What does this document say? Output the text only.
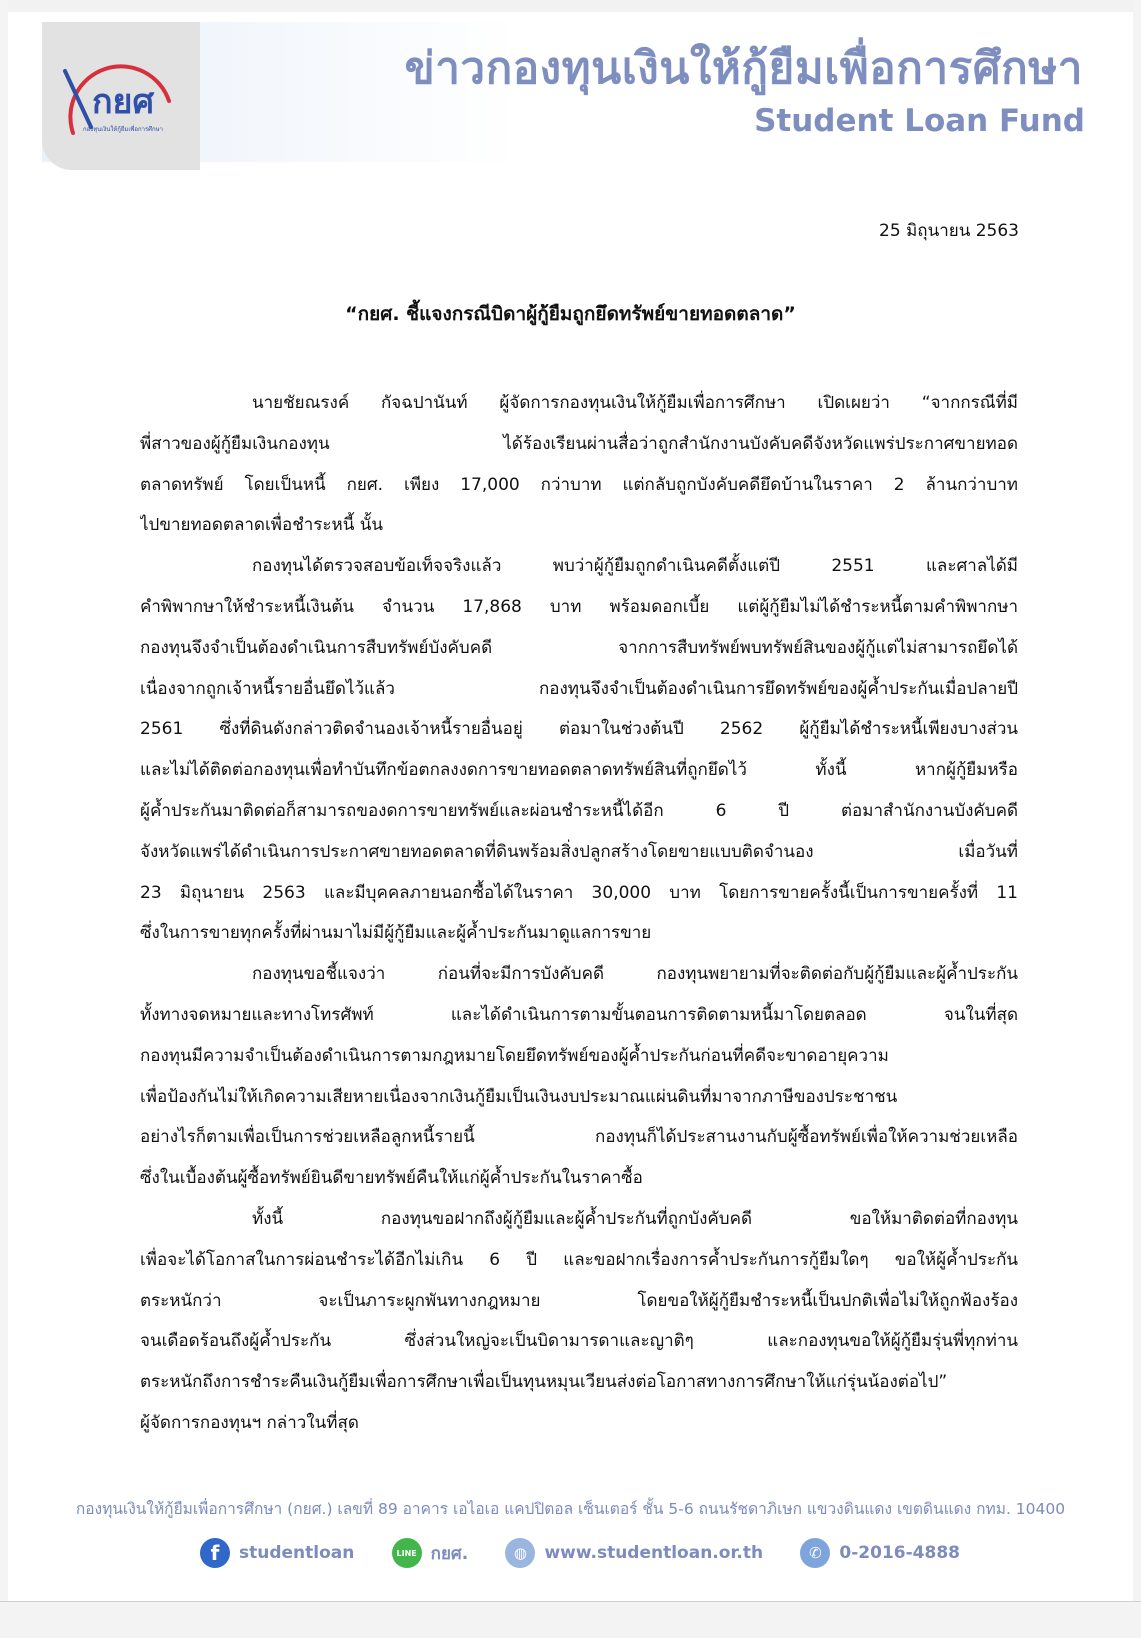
กยศ
กองทุนเงินให้กู้ยืมเพื่อการศึกษา
ข่าวกองทุนเงินให้กู้ยืมเพื่อการศึกษา
Student Loan Fund
25 มิถุนายน 2563
“กยศ. ชี้แจงกรณีบิดาผู้กู้ยืมถูกยึดทรัพย์ขายทอดตลาด”
นายชัยณรงค์ กัจฉปานันท์ ผู้จัดการกองทุนเงินให้กู้ยืมเพื่อการศึกษา เปิดเผยว่า “จากกรณีที่มี
พี่สาวของผู้กู้ยืมเงินกองทุน ได้ร้องเรียนผ่านสื่อว่าถูกสำนักงานบังคับคดีจังหวัดแพร่ประกาศขายทอด
ตลาดทรัพย์ โดยเป็นหนี้ กยศ. เพียง 17,000 กว่าบาท แต่กลับถูกบังคับคดียึดบ้านในราคา 2 ล้านกว่าบาท
ไปขายทอดตลาดเพื่อชำระหนี้ นั้น
กองทุนได้ตรวจสอบข้อเท็จจริงแล้ว พบว่าผู้กู้ยืมถูกดำเนินคดีตั้งแต่ปี 2551 และศาลได้มี
คำพิพากษาให้ชำระหนี้เงินต้น จำนวน 17,868 บาท พร้อมดอกเบี้ย แต่ผู้กู้ยืมไม่ได้ชำระหนี้ตามคำพิพากษา
กองทุนจึงจำเป็นต้องดำเนินการสืบทรัพย์บังคับคดี จากการสืบทรัพย์พบทรัพย์สินของผู้กู้แต่ไม่สามารถยึดได้
เนื่องจากถูกเจ้าหนี้รายอื่นยึดไว้แล้ว กองทุนจึงจำเป็นต้องดำเนินการยึดทรัพย์ของผู้ค้ำประกันเมื่อปลายปี
2561 ซึ่งที่ดินดังกล่าวติดจำนองเจ้าหนี้รายอื่นอยู่ ต่อมาในช่วงต้นปี 2562 ผู้กู้ยืมได้ชำระหนี้เพียงบางส่วน
และไม่ได้ติดต่อกองทุนเพื่อทำบันทึกข้อตกลงงดการขายทอดตลาดทรัพย์สินที่ถูกยึดไว้ ทั้งนี้ หากผู้กู้ยืมหรือ
ผู้ค้ำประกันมาติดต่อก็สามารถของดการขายทรัพย์และผ่อนชำระหนี้ได้อีก 6 ปี ต่อมาสำนักงานบังคับคดี
จังหวัดแพร่ได้ดำเนินการประกาศขายทอดตลาดที่ดินพร้อมสิ่งปลูกสร้างโดยขายแบบติดจำนอง เมื่อวันที่
23 มิถุนายน 2563 และมีบุคคลภายนอกซื้อได้ในราคา 30,000 บาท โดยการขายครั้งนี้เป็นการขายครั้งที่ 11
ซึ่งในการขายทุกครั้งที่ผ่านมาไม่มีผู้กู้ยืมและผู้ค้ำประกันมาดูแลการขาย
กองทุนขอชี้แจงว่า ก่อนที่จะมีการบังคับคดี กองทุนพยายามที่จะติดต่อกับผู้กู้ยืมและผู้ค้ำประกัน
ทั้งทางจดหมายและทางโทรศัพท์ และได้ดำเนินการตามขั้นตอนการติดตามหนี้มาโดยตลอด จนในที่สุด
กองทุนมีความจำเป็นต้องดำเนินการตามกฎหมายโดยยึดทรัพย์ของผู้ค้ำประกันก่อนที่คดีจะขาดอายุความ
เพื่อป้องกันไม่ให้เกิดความเสียหายเนื่องจากเงินกู้ยืมเป็นเงินงบประมาณแผ่นดินที่มาจากภาษีของประชาชน
อย่างไรก็ตามเพื่อเป็นการช่วยเหลือลูกหนี้รายนี้ กองทุนก็ได้ประสานงานกับผู้ซื้อทรัพย์เพื่อให้ความช่วยเหลือ
ซึ่งในเบื้องต้นผู้ซื้อทรัพย์ยินดีขายทรัพย์คืนให้แก่ผู้ค้ำประกันในราคาซื้อ
ทั้งนี้ กองทุนขอฝากถึงผู้กู้ยืมและผู้ค้ำประกันที่ถูกบังคับคดี ขอให้มาติดต่อที่กองทุน
เพื่อจะได้โอกาสในการผ่อนชำระได้อีกไม่เกิน 6 ปี และขอฝากเรื่องการค้ำประกันการกู้ยืมใดๆ ขอให้ผู้ค้ำประกัน
ตระหนักว่า จะเป็นภาระผูกพันทางกฎหมาย โดยขอให้ผู้กู้ยืมชำระหนี้เป็นปกติเพื่อไม่ให้ถูกฟ้องร้อง
จนเดือดร้อนถึงผู้ค้ำประกัน ซึ่งส่วนใหญ่จะเป็นบิดามารดาและญาติๆ และกองทุนขอให้ผู้กู้ยืมรุ่นพี่ทุกท่าน
ตระหนักถึงการชำระคืนเงินกู้ยืมเพื่อการศึกษาเพื่อเป็นทุนหมุนเวียนส่งต่อโอกาสทางการศึกษาให้แก่รุ่นน้องต่อไป”
ผู้จัดการกองทุนฯ กล่าวในที่สุด
กองทุนเงินให้กู้ยืมเพื่อการศึกษา (กยศ.) เลขที่ 89 อาคาร เอไอเอ แคปปิตอล เซ็นเตอร์ ชั้น 5-6 ถนนรัชดาภิเษก แขวงดินแดง เขตดินแดง กทม. 10400
f	studentloan	LINE กยศ.	◍	www.studentloan.or.th	✆	0-2016-4888
